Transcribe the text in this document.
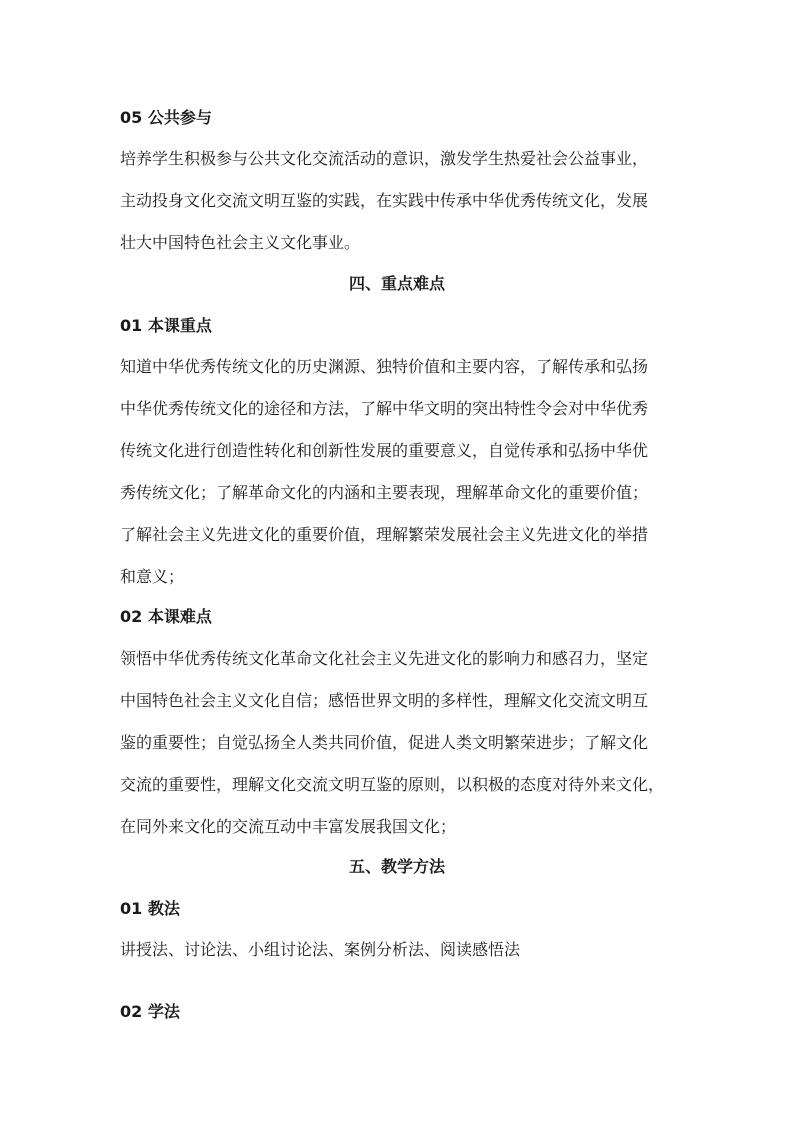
05 公共参与
培养学生积极参与公共文化交流活动的意识，激发学生热爱社会公益事业，
主动投身文化交流文明互鉴的实践，在实践中传承中华优秀传统文化，发展
壮大中国特色社会主义文化事业。
四、重点难点
01 本课重点
知道中华优秀传统文化的历史渊源、独特价值和主要内容，了解传承和弘扬
中华优秀传统文化的途径和方法，了解中华文明的突出特性令会对中华优秀
传统文化进行创造性转化和创新性发展的重要意义，自觉传承和弘扬中华优
秀传统文化；了解革命文化的内涵和主要表现，理解革命文化的重要价值；
了解社会主义先进文化的重要价值，理解繁荣发展社会主义先进文化的举措
和意义；
02 本课难点
领悟中华优秀传统文化革命文化社会主义先进文化的影响力和感召力，坚定
中国特色社会主义文化自信；感悟世界文明的多样性，理解文化交流文明互
鉴的重要性；自觉弘扬全人类共同价值，促进人类文明繁荣进步；了解文化
交流的重要性，理解文化交流文明互鉴的原则，以积极的态度对待外来文化，
在同外来文化的交流互动中丰富发展我国文化；
五、教学方法
01 教法
讲授法、讨论法、小组讨论法、案例分析法、阅读感悟法
02 学法
